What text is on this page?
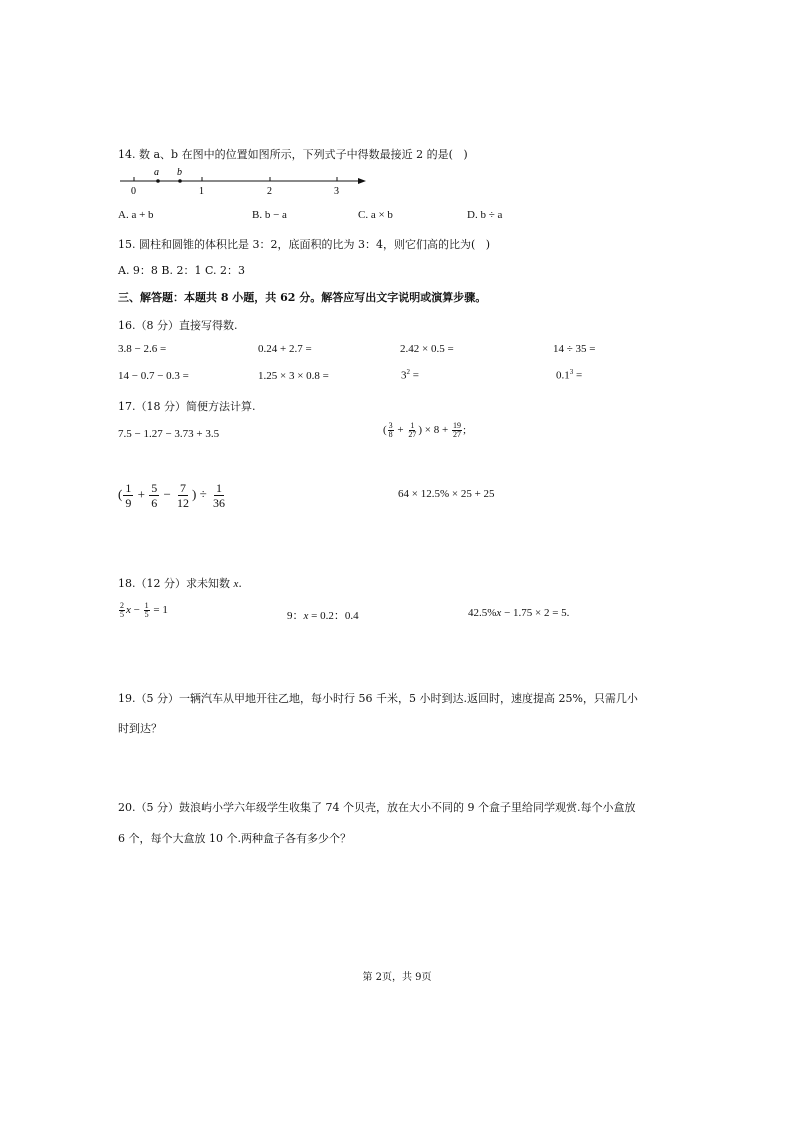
14. 数 a、b 在图中的位置如图所示，下列式子中得数最接近 2 的是(   )
a b
0	1	2	3
A. a + b	B. b − a	C. a × b	D. b ÷ a
15. 圆柱和圆锥的体积比是 3：2，底面积的比为 3：4，则它们高的比为(   )
A. 9：8 B. 2：1 C. 2：3
三、解答题：本题共 8 小题，共 62 分。解答应写出文字说明或演算步骤。
16.（8 分）直接写得数.
3.8 − 2.6 =	0.24 + 2.7 =	2.42 × 0.5 =	14 ÷ 35 =
14 − 0.7 − 0.3 =	1.25 × 3 × 0.8 =	$3^2$ =	$0.1^3$ =
17.（18 分）简便方法计算.
7.5 − 1.27 − 3.73 + 3.5	( $\frac{3}{8} + \frac{1}{27}$ ) × $8 + \frac{19}{27}$ ;
( $\frac{1}{9} + \frac{5}{6} - \frac{7}{12}$ ) ÷ $\frac{1}{36}$	64 × 12.5% × 25 + 25
18.（12 分）求未知数 x.
$\frac{2}{5}$ $x - \frac{1}{5} = 1$	9：x = 0.2：0.4	42.5%x − 1.75 × 2 = 5.
19.（5 分）一辆汽车从甲地开往乙地，每小时行 56 千米，5 小时到达.返回时，速度提高 25%，只需几小
时到达？
20.（5 分）鼓浪屿小学六年级学生收集了 74 个贝壳，放在大小不同的 9 个盒子里给同学观赏.每个小盒放
6 个，每个大盒放 10 个.两种盒子各有多少个？
第 2页，共 9页
